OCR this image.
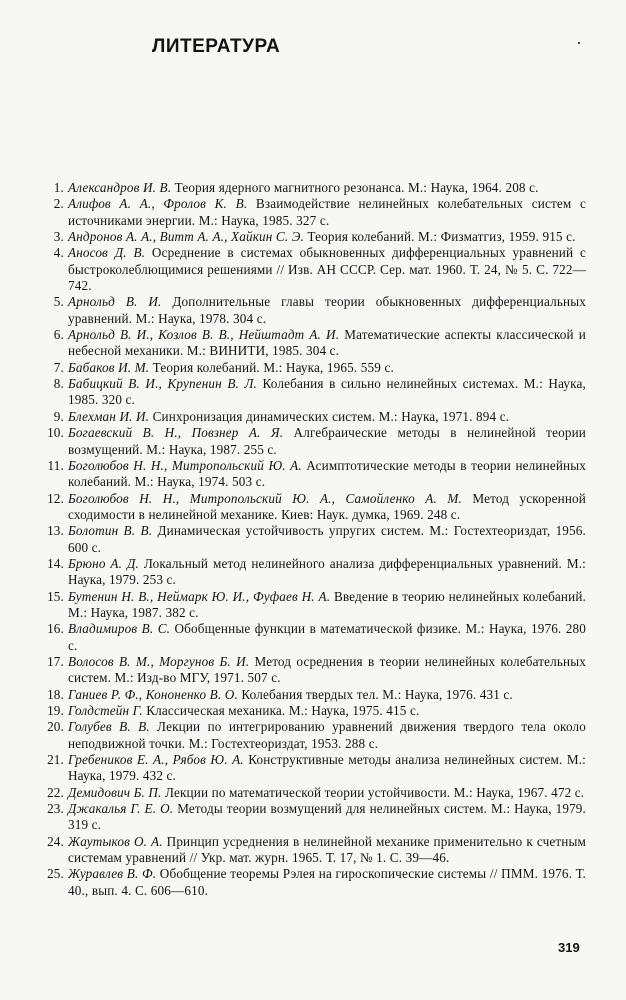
ЛИТЕРАТУРА
1. Александров И. В. Теория ядерного магнитного резонанса. М.: Наука, 1964. 208 с.
2. Алифов А. А., Фролов К. В. Взаимодействие нелинейных колебательных систем с источниками энергии. М.: Наука, 1985. 327 с.
3. Андронов А. А., Витт А. А., Хайкин С. Э. Теория колебаний. М.: Физматгиз, 1959. 915 с.
4. Аносов Д. В. Осреднение в системах обыкновенных дифференциальных уравнений с быстроколеблющимися решениями // Изв. АН СССР. Сер. мат. 1960. Т. 24, № 5. С. 722—742.
5. Арнольд В. И. Дополнительные главы теории обыкновенных дифференциальных уравнений. М.: Наука, 1978. 304 с.
6. Арнольд В. И., Козлов В. В., Нейштадт А. И. Математические аспекты классической и небесной механики. М.: ВИНИТИ, 1985. 304 с.
7. Бабаков И. М. Теория колебаний. М.: Наука, 1965. 559 с.
8. Бабицкий В. И., Крупенин В. Л. Колебания в сильно нелинейных системах. М.: Наука, 1985. 320 с.
9. Блехман И. И. Синхронизация динамических систем. М.: Наука, 1971. 894 с.
10. Богаевский В. Н., Повзнер А. Я. Алгебраические методы в нелинейной теории возмущений. М.: Наука, 1987. 255 с.
11. Боголюбов Н. Н., Митропольский Ю. А. Асимптотические методы в теории нелинейных колебаний. М.: Наука, 1974. 503 с.
12. Боголюбов Н. Н., Митропольский Ю. А., Самойленко А. М. Метод ускоренной сходимости в нелинейной механике. Киев: Наук. думка, 1969. 248 с.
13. Болотин В. В. Динамическая устойчивость упругих систем. М.: Гостехтеориздат, 1956. 600 с.
14. Брюно А. Д. Локальный метод нелинейного анализа дифференциальных уравнений. М.: Наука, 1979. 253 с.
15. Бутенин Н. В., Неймарк Ю. И., Фуфаев Н. А. Введение в теорию нелинейных колебаний. М.: Наука, 1987. 382 с.
16. Владимиров В. С. Обобщенные функции в математической физике. М.: Наука, 1976. 280 с.
17. Волосов В. М., Моргунов Б. И. Метод осреднения в теории нелинейных колебательных систем. М.: Изд-во МГУ, 1971. 507 с.
18. Ганиев Р. Ф., Кононенко В. О. Колебания твердых тел. М.: Наука, 1976. 431 с.
19. Голдстейн Г. Классическая механика. М.: Наука, 1975. 415 с.
20. Голубев В. В. Лекции по интегрированию уравнений движения твердого тела около неподвижной точки. М.: Гостехтеориздат, 1953. 288 с.
21. Гребеников Е. А., Рябов Ю. А. Конструктивные методы анализа нелинейных систем. М.: Наука, 1979. 432 с.
22. Демидович Б. П. Лекции по математической теории устойчивости. М.: Наука, 1967. 472 с.
23. Джакалья Г. Е. О. Методы теории возмущений для нелинейных систем. М.: Наука, 1979. 319 с.
24. Жаутыков О. А. Принцип усреднения в нелинейной механике применительно к счетным системам уравнений // Укр. мат. журн. 1965. Т. 17, № 1. С. 39—46.
25. Журавлев В. Ф. Обобщение теоремы Рэлея на гироскопические системы // ПММ. 1976. Т. 40., вып. 4. С. 606—610.
319
